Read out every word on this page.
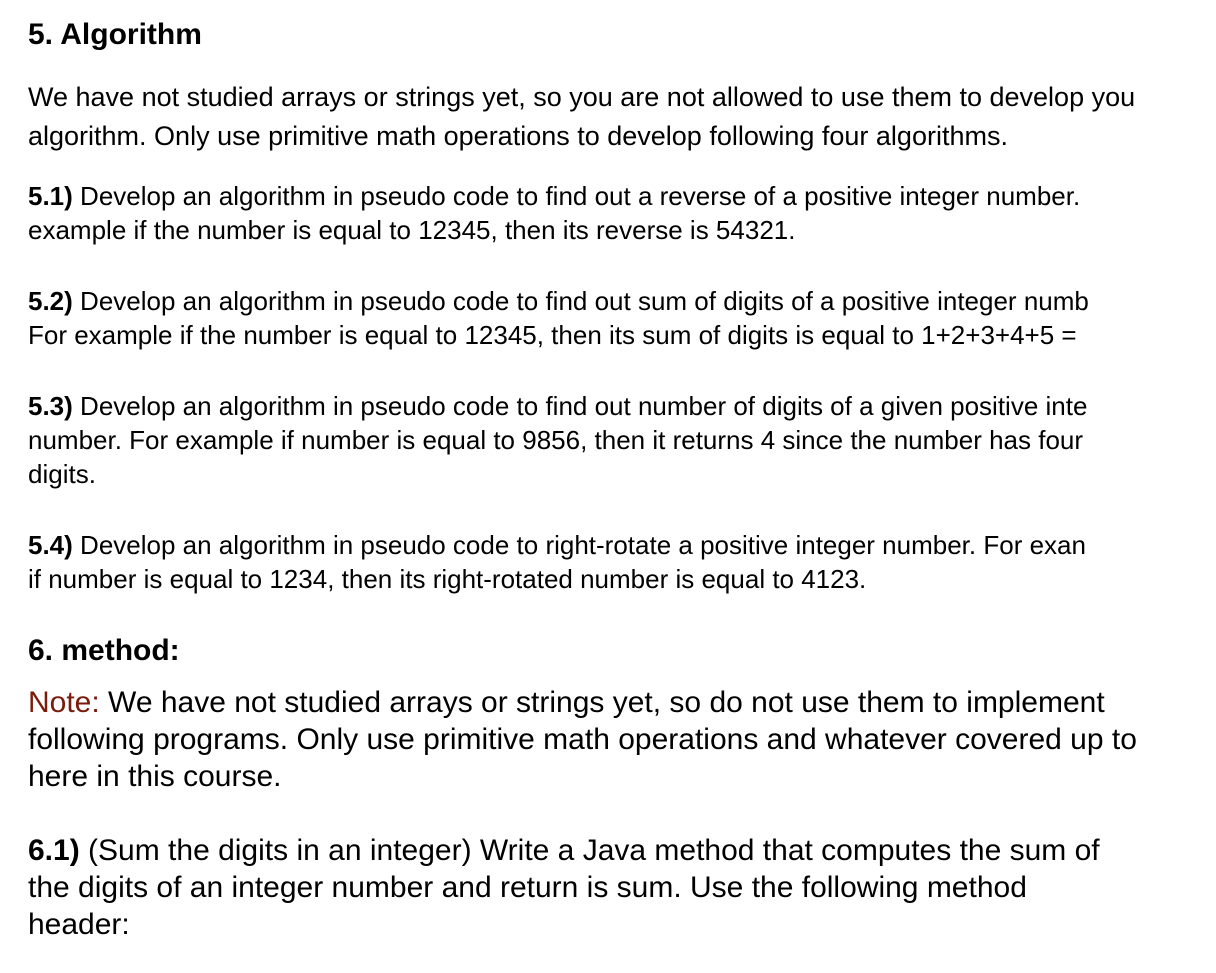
5. Algorithm
We have not studied arrays or strings yet, so you are not allowed to use them to develop you
algorithm. Only use primitive math operations to develop following four algorithms.
5.1) Develop an algorithm in pseudo code to find out a reverse of a positive integer number.
example if the number is equal to 12345, then its reverse is 54321.
5.2) Develop an algorithm in pseudo code to find out sum of digits of a positive integer numb
For example if the number is equal to 12345, then its sum of digits is equal to 1+2+3+4+5 =
5.3) Develop an algorithm in pseudo code to find out number of digits of a given positive inte
number. For example if number is equal to 9856, then it returns 4 since the number has four
digits.
5.4) Develop an algorithm in pseudo code to right-rotate a positive integer number. For exan
if number is equal to 1234, then its right-rotated number is equal to 4123.
6. method:
Note: We have not studied arrays or strings yet, so do not use them to implement
following programs. Only use primitive math operations and whatever covered up to
here in this course.
6.1) (Sum the digits in an integer) Write a Java method that computes the sum of
the digits of an integer number and return is sum. Use the following method
header:
